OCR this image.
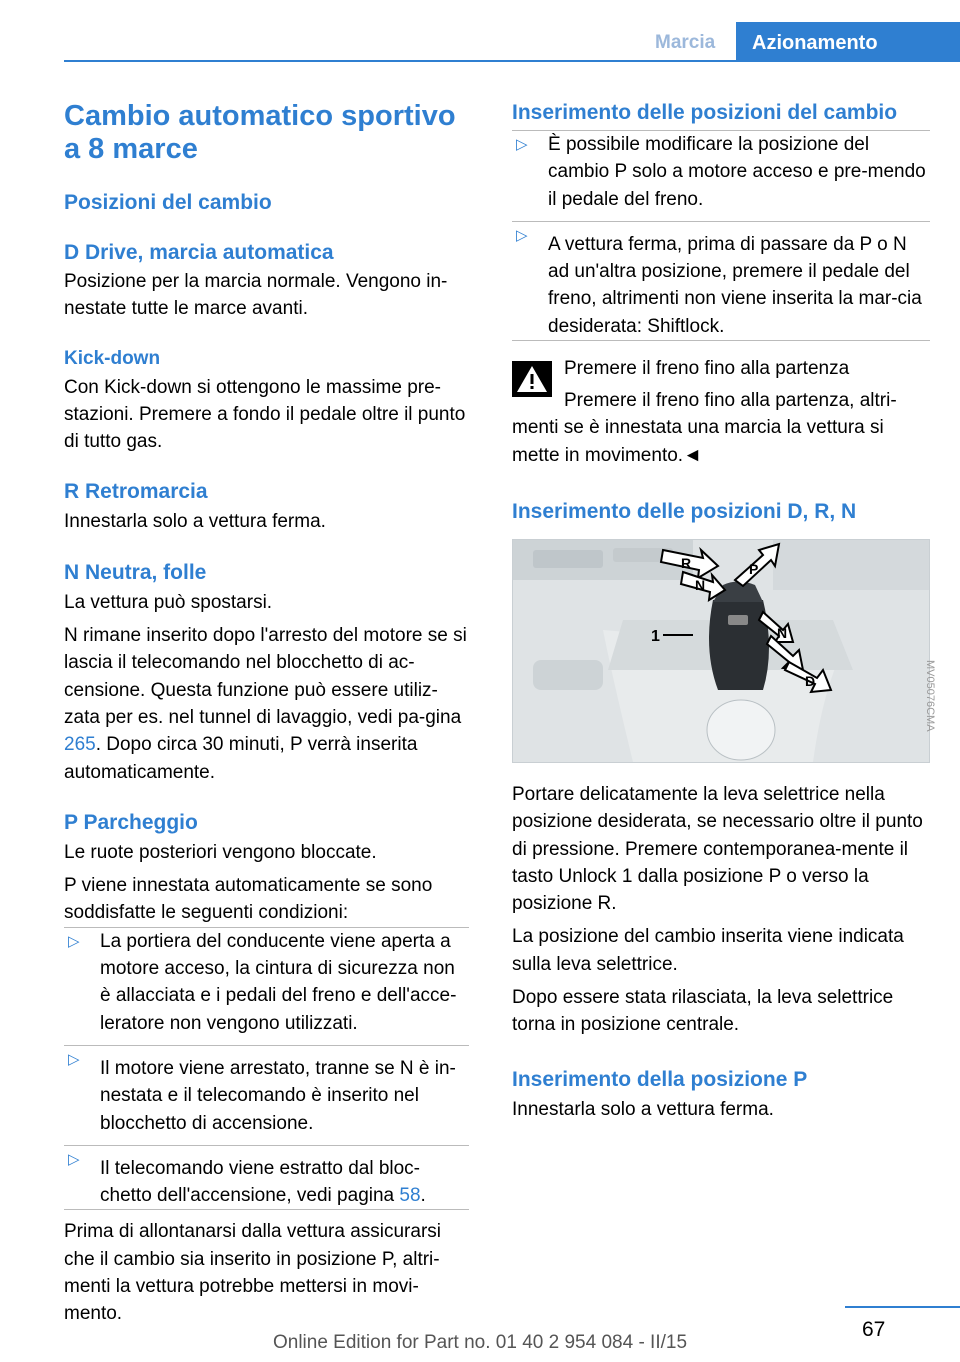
Marcia	Azionamento
Cambio automatico sportivo a 8 marce
Posizioni del cambio
D Drive, marcia automatica

Posizione per la marcia normale. Vengono in-nestate tutte le marce avanti.

Kick-down

Con Kick-down si ottengono le massime pre-stazioni. Premere a fondo il pedale oltre il punto di tutto gas.

R Retromarcia

Innestarla solo a vettura ferma.

N Neutra, folle

La vettura può spostarsi.

N rimane inserito dopo l'arresto del motore se si lascia il telecomando nel blocchetto di ac-censione. Questa funzione può essere utiliz-zata per es. nel tunnel di lavaggio, vedi pa-gina 265. Dopo circa 30 minuti, P verrà inserita automaticamente.

P Parcheggio

Le ruote posteriori vengono bloccate.

P viene innestata automaticamente se sono soddisfatte le seguenti condizioni:

▷ La portiera del conducente viene aperta a motore acceso, la cintura di sicurezza non è allacciata e i pedali del freno e dell'acce-leratore non vengono utilizzati.
▷ Il motore viene arrestato, tranne se N è in-nestata e il telecomando è inserito nel blocchetto di accensione.
▷ Il telecomando viene estratto dal bloc-chetto dell'accensione, vedi pagina 58.

Prima di allontanarsi dalla vettura assicurarsi che il cambio sia inserito in posizione P, altri-menti la vettura potrebbe mettersi in movi-mento.

Inserimento delle posizioni del cambio
▷ È possibile modificare la posizione del cambio P solo a motore acceso e pre-mendo il pedale del freno.
▷ A vettura ferma, prima di passare da P o N ad un'altra posizione, premere il pedale del freno, altrimenti non viene inserita la mar-cia desiderata: Shiftlock.
Premere il freno fino alla partenza

Premere il freno fino alla partenza, altri-menti se è innestata una marcia la vettura si mette in movimento.◄

Inserimento delle posizioni D, R, N
1
R
N
P
N
D

Portare delicatamente la leva selettrice nella posizione desiderata, se necessario oltre il punto di pressione. Premere contemporanea-mente il tasto Unlock 1 dalla posizione P o verso la posizione R.

La posizione del cambio inserita viene indicata sulla leva selettrice.

Dopo essere stata rilasciata, la leva selettrice torna in posizione centrale.

Inserimento della posizione P

Innestarla solo a vettura ferma.

MV05076CMA
67
Online Edition for Part no. 01 40 2 954 084 - II/15
